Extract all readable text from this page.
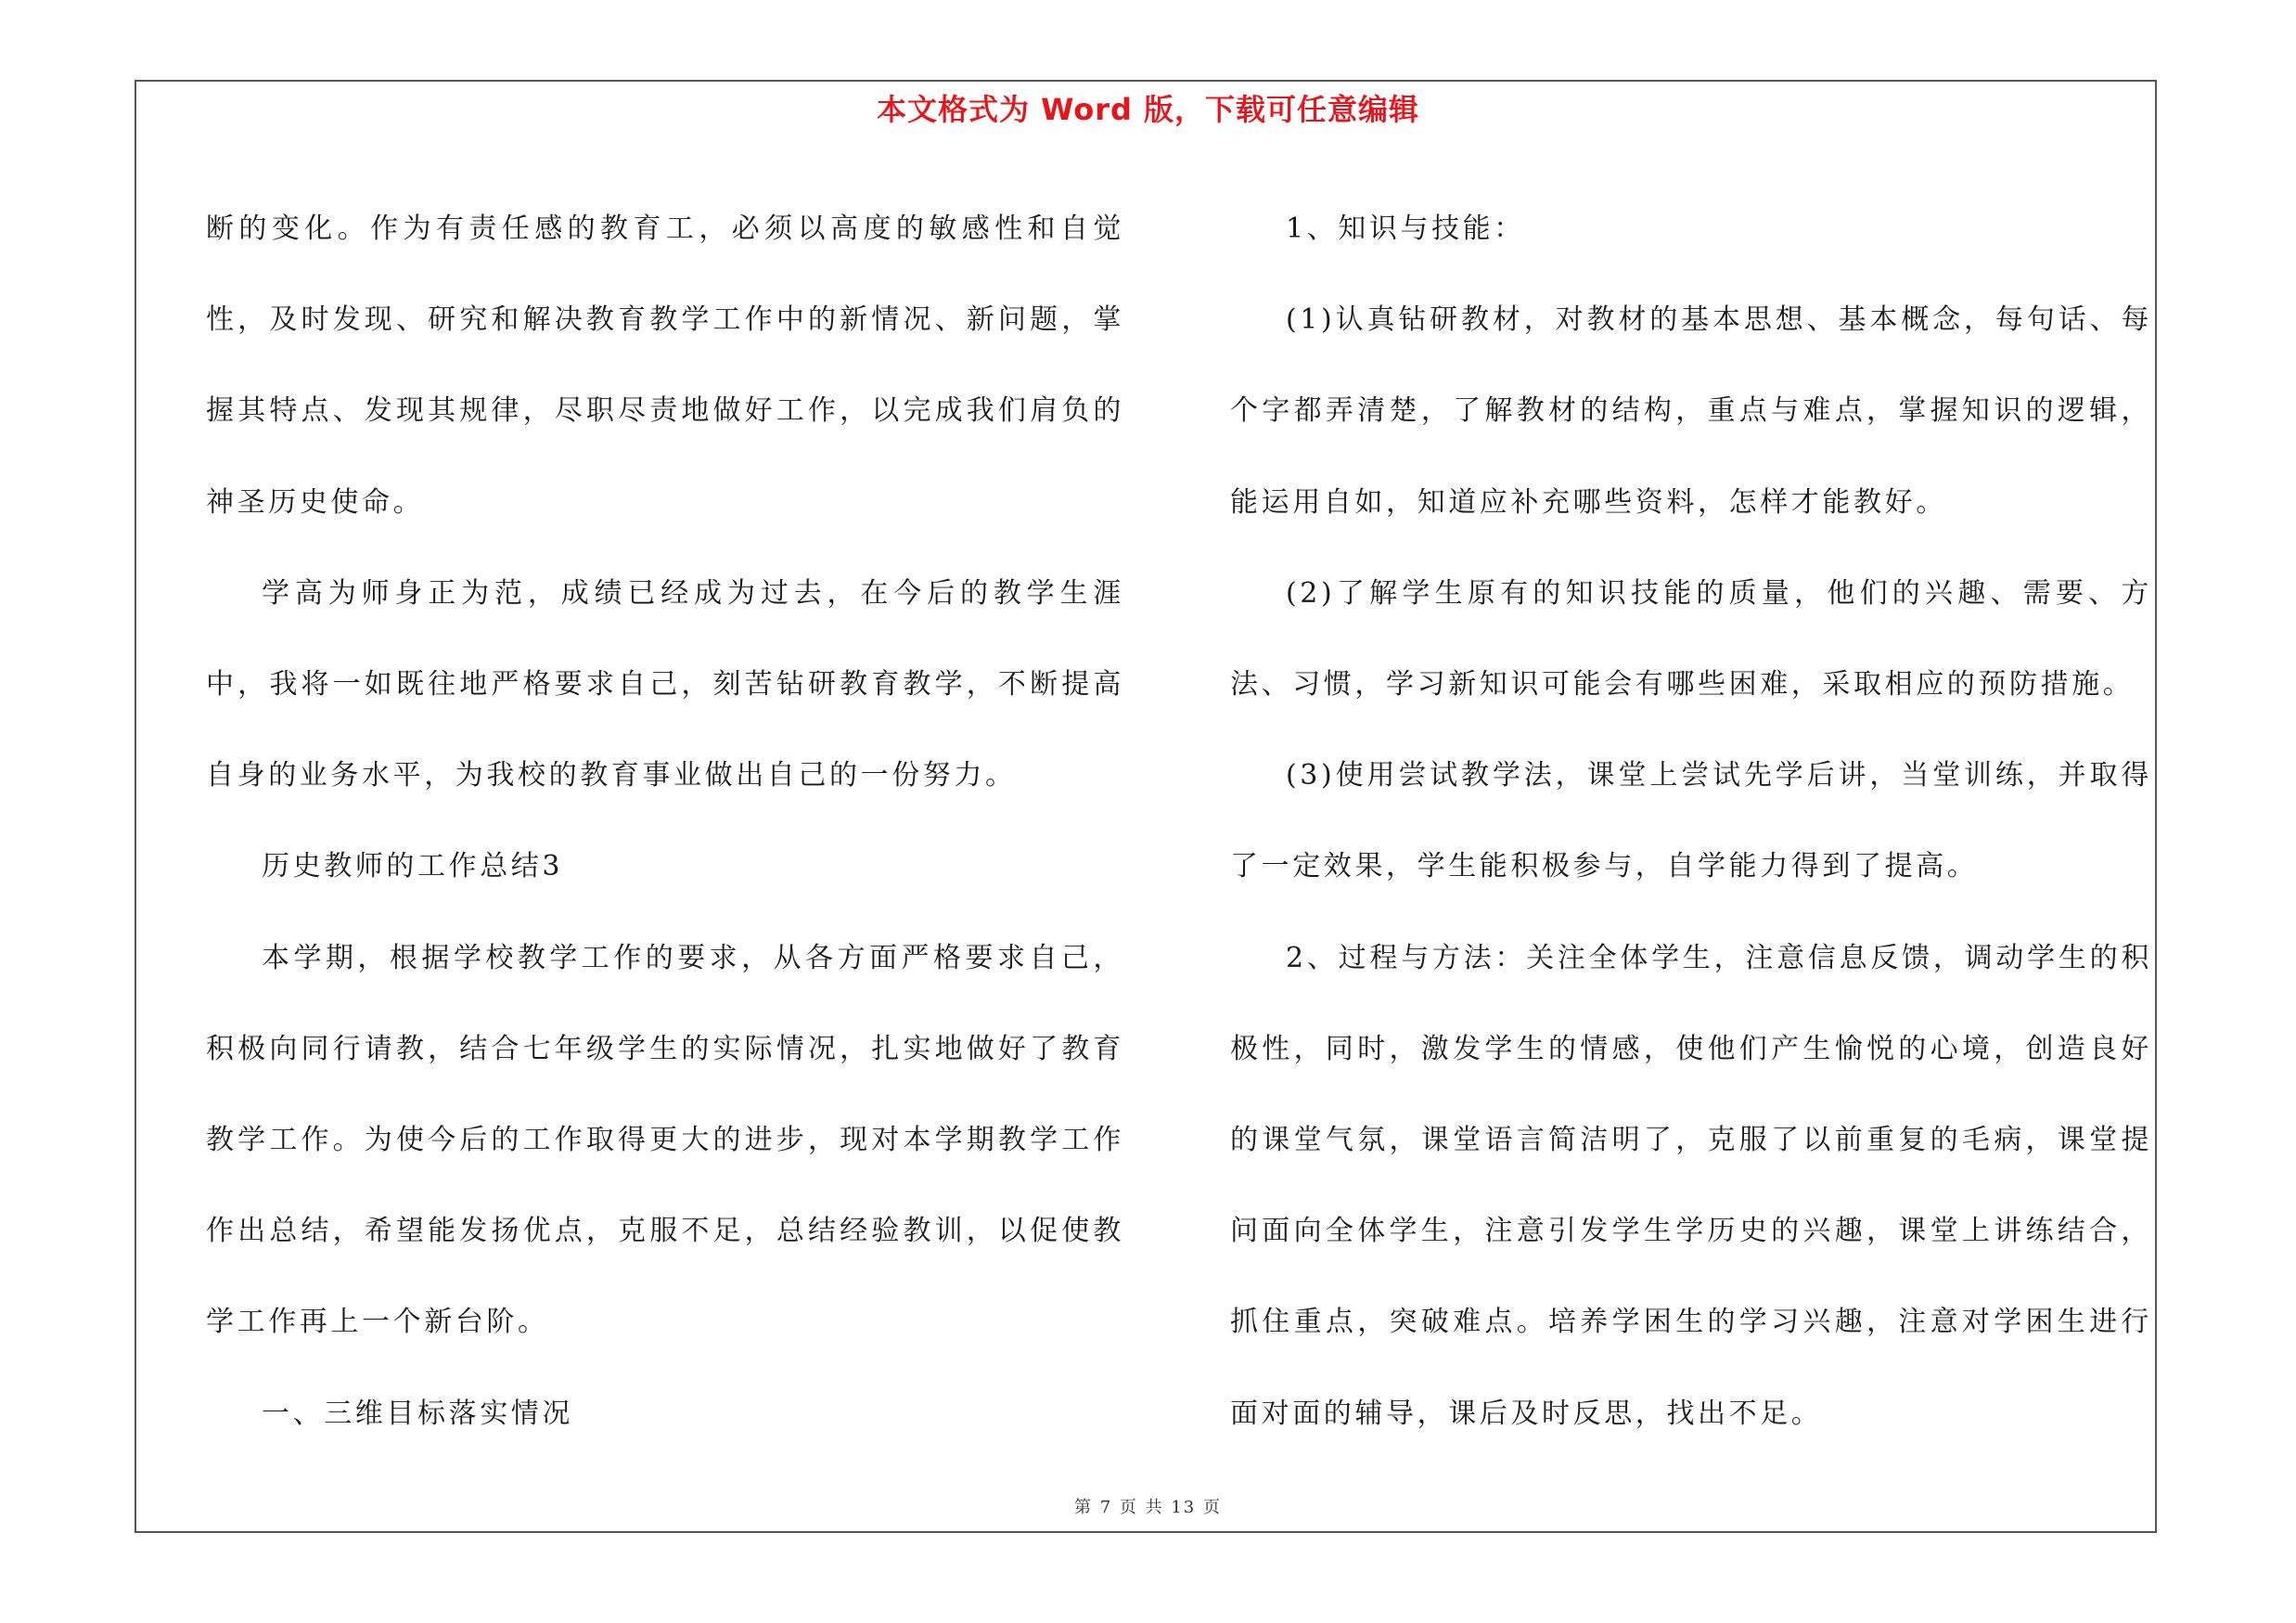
本文格式为 Word 版，下载可任意编辑

断的变化。作为有责任感的教育工，必须以高度的敏感性和自觉性，及时发现、研究和解决教育教学工作中的新情况、新问题，掌握其特点、发现其规律，尽职尽责地做好工作，以完成我们肩负的神圣历史使命。

学高为师身正为范，成绩已经成为过去，在今后的教学生涯中，我将一如既往地严格要求自己，刻苦钻研教育教学，不断提高自身的业务水平，为我校的教育事业做出自己的一份努力。

历史教师的工作总结3

本学期，根据学校教学工作的要求，从各方面严格要求自己，积极向同行请教，结合七年级学生的实际情况，扎实地做好了教育教学工作。为使今后的工作取得更大的进步，现对本学期教学工作作出总结，希望能发扬优点，克服不足，总结经验教训，以促使教学工作再上一个新台阶。

一、三维目标落实情况

1、知识与技能：

(1)认真钻研教材，对教材的基本思想、基本概念，每句话、每个字都弄清楚，了解教材的结构，重点与难点，掌握知识的逻辑，能运用自如，知道应补充哪些资料，怎样才能教好。

(2)了解学生原有的知识技能的质量，他们的兴趣、需要、方法、习惯，学习新知识可能会有哪些困难，采取相应的预防措施。

(3)使用尝试教学法，课堂上尝试先学后讲，当堂训练，并取得了一定效果，学生能积极参与，自学能力得到了提高。

2、过程与方法：关注全体学生，注意信息反馈，调动学生的积极性，同时，激发学生的情感，使他们产生愉悦的心境，创造良好的课堂气氛，课堂语言简洁明了，克服了以前重复的毛病，课堂提问面向全体学生，注意引发学生学历史的兴趣，课堂上讲练结合，抓住重点，突破难点。培养学困生的学习兴趣，注意对学困生进行面对面的辅导，课后及时反思，找出不足。

第 7 页 共 13 页
